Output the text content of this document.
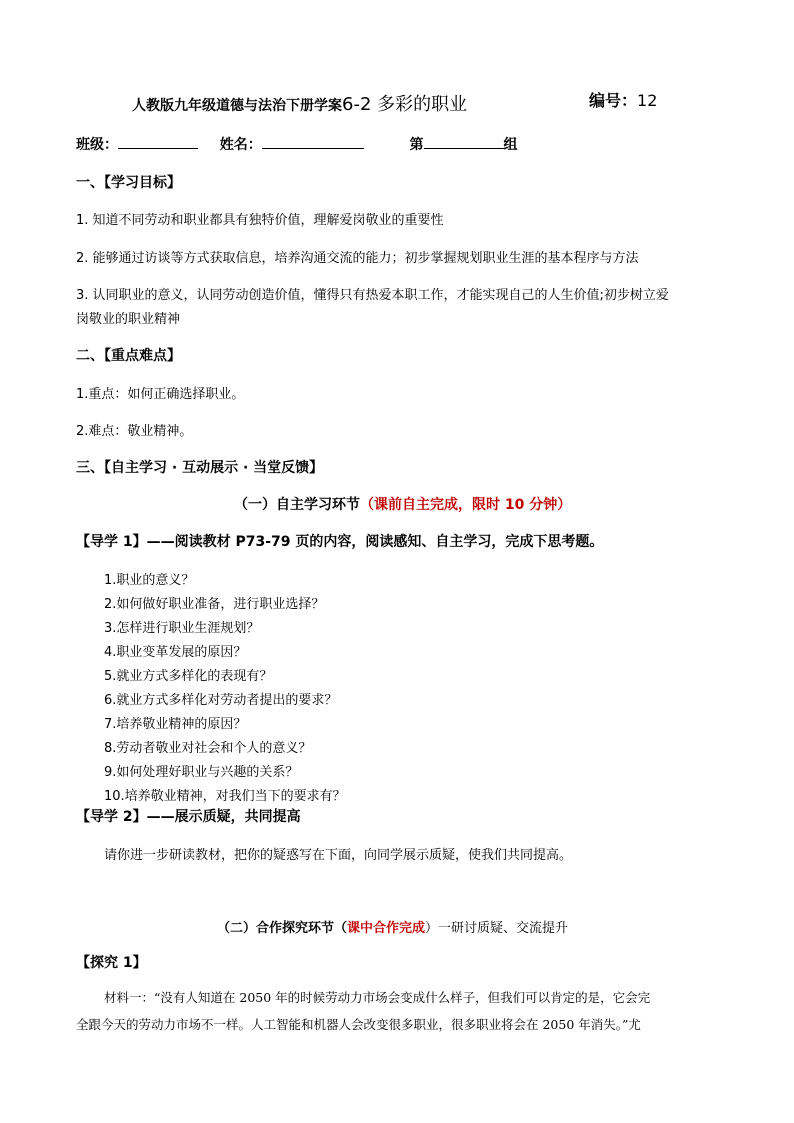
人教版九年级道德与法治下册学案6-2 多彩的职业	编号：12
班级：	姓名：	第	组
一、【学习目标】
1. 知道不同劳动和职业都具有独特价值，理解爱岗敬业的重要性
2. 能够通过访谈等方式获取信息，培养沟通交流的能力；初步掌握规划职业生涯的基本程序与方法
3. 认同职业的意义，认同劳动创造价值，懂得只有热爱本职工作，才能实现自己的人生价值;初步树立爱
岗敬业的职业精神
二、【重点难点】
1.重点：如何正确选择职业。
2.难点：敬业精神。
三、【自主学习 · 互动展示 · 当堂反馈】
（一）自主学习环节（课前自主完成，限时 10 分钟）
【导学 1】——阅读教材 P73-79 页的内容，阅读感知、自主学习，完成下思考题。
1.职业的意义？
2.如何做好职业准备，进行职业选择？
3.怎样进行职业生涯规划？
4.职业变革发展的原因？
5.就业方式多样化的表现有？
6.就业方式多样化对劳动者提出的要求？
7.培养敬业精神的原因？
8.劳动者敬业对社会和个人的意义？
9.如何处理好职业与兴趣的关系？
10.培养敬业精神，对我们当下的要求有？
【导学 2】——展示质疑，共同提高
请你进一步研读教材，把你的疑惑写在下面，向同学展示质疑，使我们共同提高。
（二）合作探究环节（课中合作完成）一研讨质疑、交流提升
【探究 1】
材料一：“没有人知道在 2050 年的时候劳动力市场会变成什么样子，但我们可以肯定的是，它会完
全跟今天的劳动力市场不一样。人工智能和机器人会改变很多职业，很多职业将会在 2050 年消失。”尤
